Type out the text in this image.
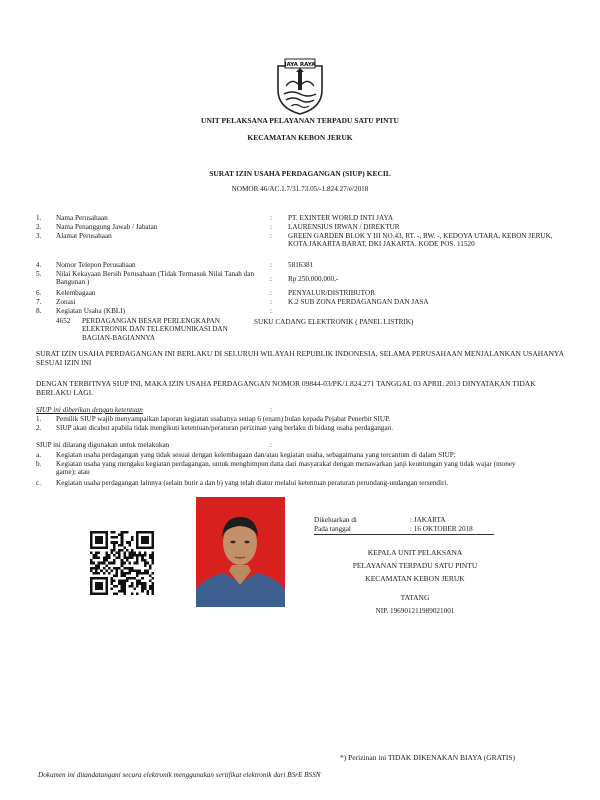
JAYA RAYA
UNIT PELAKSANA PELAYANAN TERPADU SATU PINTU
KECAMATAN KEBON JERUK
SURAT IZIN USAHA PERDAGANGAN (SIUP) KECIL
NOMOR 46/AC.1.7/31.73.05/-1.824.27/e/2018
1. Nama Perusahaan	: PT. EXINTER WORLD INTI JAYA
2. Nama Penanggung Jawab / Jabatan	: LAURENSIUS IRWAN / DIREKTUR
3. Alamat Perusahaan	: GREEN GARDEN BLOK Y III NO.43, RT. -, RW. -, KEDOYA UTARA, KEBON JERUK, KOTA JAKARTA BARAT, DKI JAKARTA. KODE POS. 11520
4. Nomor Telepon Perusahaan	: 5816381
5. Nilai Kekayaan Bersih Perusahaan (Tidak Termasuk Nilai Tanah dan Bangunan )	: Rp 250.000.000,-
6. Kelembagaan	: PENYALUR/DISTRIBUTOR
7. Zonasi	: K.2 SUB ZONA PERDAGANGAN DAN JASA
8. Kegiatan Usaha (KBLI)	:
4652 PERDAGANGAN BESAR PERLENGKAPAN ELEKTRONIK DAN TELEKOMUNIKASI DAN BAGIAN-BAGIANNYA
SUKU CADANG ELEKTRONIK ( PANEL LISTRIK)
SURAT IZIN USAHA PERDAGANGAN INI BERLAKU DI SELURUH WILAYAH REPUBLIK INDONESIA, SELAMA PERUSAHAAN MENJALANKAN USAHANYA SESUAI IZIN INI
DENGAN TERBITNYA SIUP INI, MAKA IZIN USAHA PERDAGANGAN NOMOR 09844-03/PK/1.824.271 TANGGAL 03 APRIL 2013 DINYATAKAN TIDAK BERLAKU LAGI.
SIUP ini diberikan dengan ketentuan	:
1. Pemilik SIUP wajib menyampaikan laporan kegiatan usahanya setiap 6 (enam) bulan kepada Pejabat Penerbit SIUP.
2. SIUP akan dicabut apabila tidak mengikuti ketentuan/peraturan perizinan yang berlaku di bidang usaha perdagangan.
SIUP ini dilarang digunakan untuk melakukan	:
a. Kegiatan usaha perdagangan yang tidak sesuai dengan kelembagaan dan/atau kegiatan usaha, sebagaimana yang tercantum di dalam SIUP;
b. Kegiatan usaha yang mengaku kegiatan perdagangan, untuk menghimpun dana dari masyarakat dengan menawarkan janji keuntungan yang tidak wajar (money game); atau
c. Kegiatan usaha perdagangan lainnya (selain butir a dan b) yang telah diatur melalui ketentuan peraturan perundang-undangan tersendiri.
Dikeluarkan di	: JAKARTA
Pada tanggal	: 16 OKTOBER 2018
KEPALA UNIT PELAKSANA
PELAYANAN TERPADU SATU PINTU
KECAMATAN KEBON JERUK
TATANG
NIP. 196901211989021001
*) Perizinan ini TIDAK DIKENAKAN BIAYA (GRATIS)
Dokumen ini ditandatangani secara elektronik menggunakan sertifikat elektronik dari BSrE BSSN
